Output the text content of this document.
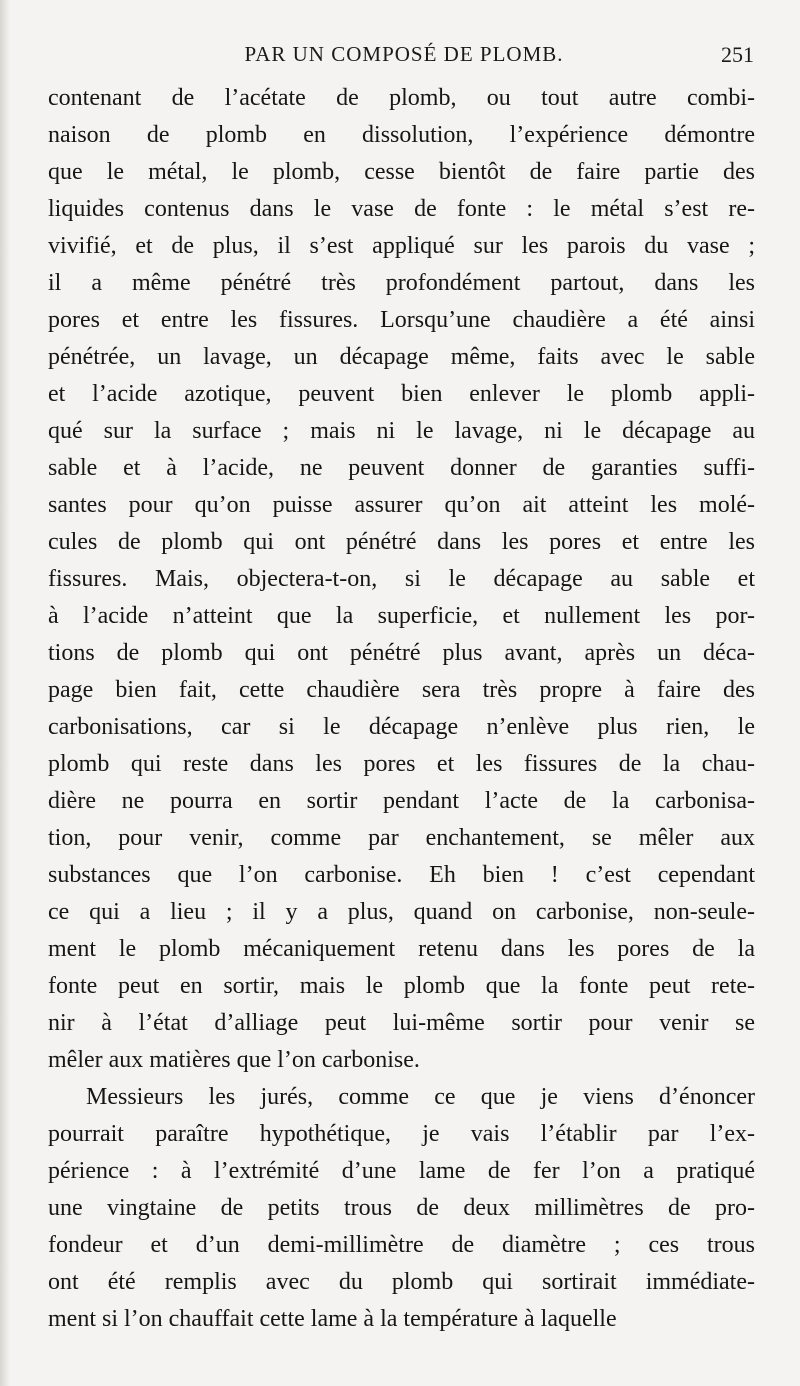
PAR UN COMPOSÉ DE PLOMB.	251
contenant de l’acétate de plomb, ou tout autre combi-
naison de plomb en dissolution, l’expérience démontre
que le métal, le plomb, cesse bientôt de faire partie des
liquides contenus dans le vase de fonte : le métal s’est re-
vivifié, et de plus, il s’est appliqué sur les parois du vase ;
il a même pénétré très profondément partout, dans les
pores et entre les fissures. Lorsqu’une chaudière a été ainsi
pénétrée, un lavage, un décapage même, faits avec le sable
et l’acide azotique, peuvent bien enlever le plomb appli-
qué sur la surface ; mais ni le lavage, ni le décapage au
sable et à l’acide, ne peuvent donner de garanties suffi-
santes pour qu’on puisse assurer qu’on ait atteint les molé-
cules de plomb qui ont pénétré dans les pores et entre les
fissures. Mais, objectera-t-on, si le décapage au sable et
à l’acide n’atteint que la superficie, et nullement les por-
tions de plomb qui ont pénétré plus avant, après un déca-
page bien fait, cette chaudière sera très propre à faire des
carbonisations, car si le décapage n’enlève plus rien, le
plomb qui reste dans les pores et les fissures de la chau-
dière ne pourra en sortir pendant l’acte de la carbonisa-
tion, pour venir, comme par enchantement, se mêler aux
substances que l’on carbonise. Eh bien ! c’est cependant
ce qui a lieu ; il y a plus, quand on carbonise, non-seule-
ment le plomb mécaniquement retenu dans les pores de la
fonte peut en sortir, mais le plomb que la fonte peut rete-
nir à l’état d’alliage peut lui-même sortir pour venir se
mêler aux matières que l’on carbonise.
Messieurs les jurés, comme ce que je viens d’énoncer
pourrait paraître hypothétique, je vais l’établir par l’ex-
périence : à l’extrémité d’une lame de fer l’on a pratiqué
une vingtaine de petits trous de deux millimètres de pro-
fondeur et d’un demi-millimètre de diamètre ; ces trous
ont été remplis avec du plomb qui sortirait immédiate-
ment si l’on chauffait cette lame à la température à laquelle
